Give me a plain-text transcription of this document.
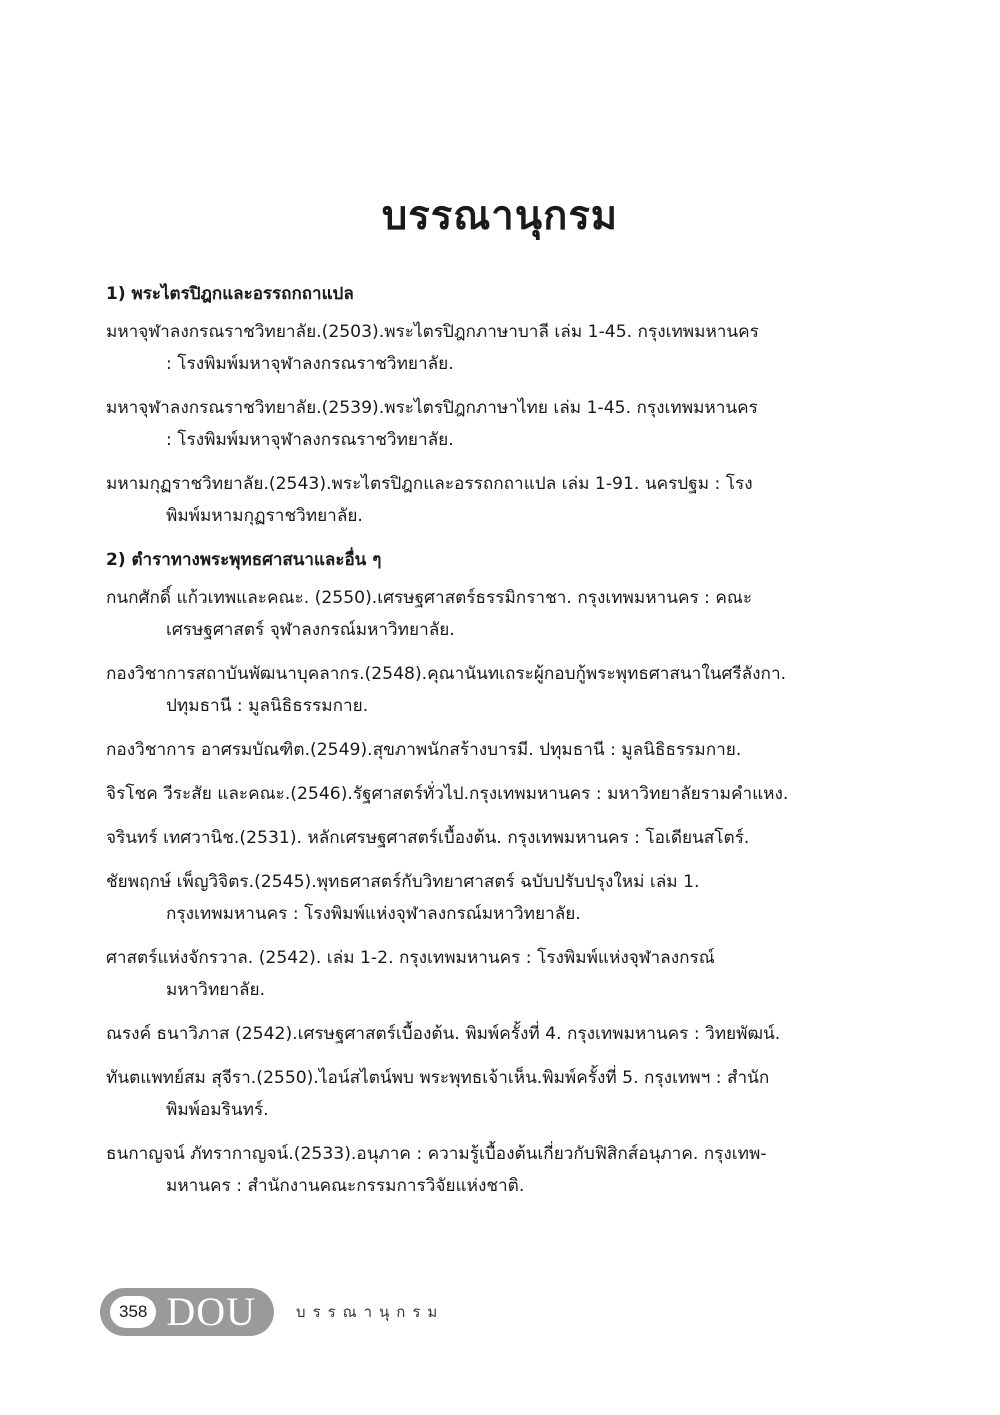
บรรณานุกรม
1) พระไตรปิฎกและอรรถกถาแปล
มหาจุฬาลงกรณราชวิทยาลัย.(2503).พระไตรปิฎกภาษาบาลี เล่ม 1-45. กรุงเทพมหานคร
: โรงพิมพ์มหาจุฬาลงกรณราชวิทยาลัย.
มหาจุฬาลงกรณราชวิทยาลัย.(2539).พระไตรปิฎกภาษาไทย เล่ม 1-45. กรุงเทพมหานคร
: โรงพิมพ์มหาจุฬาลงกรณราชวิทยาลัย.
มหามกุฏราชวิทยาลัย.(2543).พระไตรปิฎกและอรรถกถาแปล เล่ม 1-91. นครปฐม : โรง
พิมพ์มหามกุฏราชวิทยาลัย.
2) ตำราทางพระพุทธศาสนาและอื่น ๆ
กนกศักดิ์ แก้วเทพและคณะ. (2550).เศรษฐศาสตร์ธรรมิกราชา. กรุงเทพมหานคร : คณะ
เศรษฐศาสตร์ จุฬาลงกรณ์มหาวิทยาลัย.
กองวิชาการสถาบันพัฒนาบุคลากร.(2548).คุณานันทเถระผู้กอบกู้พระพุทธศาสนาในศรีลังกา.
ปทุมธานี : มูลนิธิธรรมกาย.
กองวิชาการ อาศรมบัณฑิต.(2549).สุขภาพนักสร้างบารมี. ปทุมธานี : มูลนิธิธรรมกาย.
จิรโชค วีระสัย และคณะ.(2546).รัฐศาสตร์ทั่วไป.กรุงเทพมหานคร : มหาวิทยาลัยรามคำแหง.
จรินทร์ เทศวานิช.(2531). หลักเศรษฐศาสตร์เบื้องต้น. กรุงเทพมหานคร : โอเดียนสโตร์.
ชัยพฤกษ์ เพ็ญวิจิตร.(2545).พุทธศาสตร์กับวิทยาศาสตร์ ฉบับปรับปรุงใหม่ เล่ม 1.
กรุงเทพมหานคร : โรงพิมพ์แห่งจุฬาลงกรณ์มหาวิทยาลัย.
ศาสตร์แห่งจักรวาล. (2542). เล่ม 1-2. กรุงเทพมหานคร : โรงพิมพ์แห่งจุฬาลงกรณ์
มหาวิทยาลัย.
ณรงค์ ธนาวิภาส (2542).เศรษฐศาสตร์เบื้องต้น. พิมพ์ครั้งที่ 4. กรุงเทพมหานคร : วิทยพัฒน์.
ทันตแพทย์สม สุจีรา.(2550).ไอน์สไตน์พบ พระพุทธเจ้าเห็น.พิมพ์ครั้งที่ 5. กรุงเทพฯ : สำนัก
พิมพ์อมรินทร์.
ธนกาญจน์ ภัทรากาญจน์.(2533).อนุภาค : ความรู้เบื้องต้นเกี่ยวกับฟิสิกส์อนุภาค. กรุงเทพ-
มหานคร : สำนักงานคณะกรรมการวิจัยแห่งชาติ.
358 DOU	บรรณานุกรม
